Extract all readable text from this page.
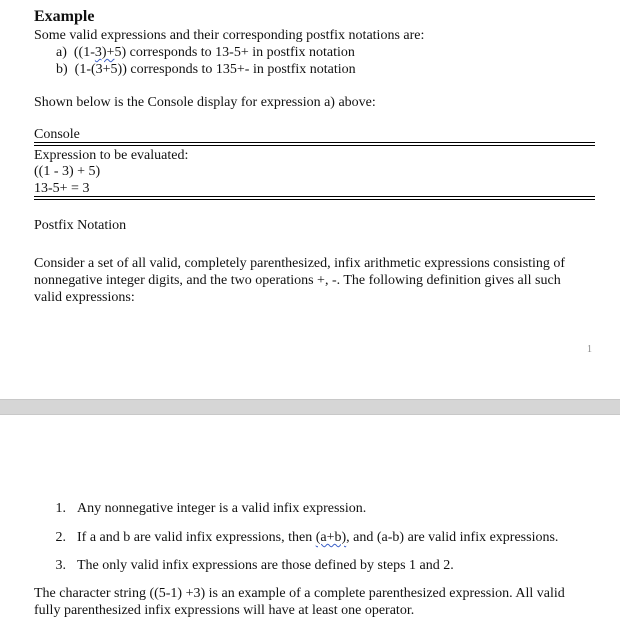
Example
Some valid expressions and their corresponding postfix notations are:
a) ((1-3)+5) corresponds to 13-5+ in postfix notation
b) (1-(3+5)) corresponds to 135+- in postfix notation
Shown below is the Console display for expression a) above:
Console
Expression to be evaluated:
((1 - 3) + 5)
13-5+ = 3
Postfix Notation
Consider a set of all valid, completely parenthesized, infix arithmetic expressions consisting of
nonnegative integer digits, and the two operations +, -. The following definition gives all such
valid expressions:
1
1. Any nonnegative integer is a valid infix expression.
2. If a and b are valid infix expressions, then (a+b), and (a-b) are valid infix expressions.
3. The only valid infix expressions are those defined by steps 1 and 2.
The character string ((5-1) +3) is an example of a complete parenthesized expression. All valid
fully parenthesized infix expressions will have at least one operator.
